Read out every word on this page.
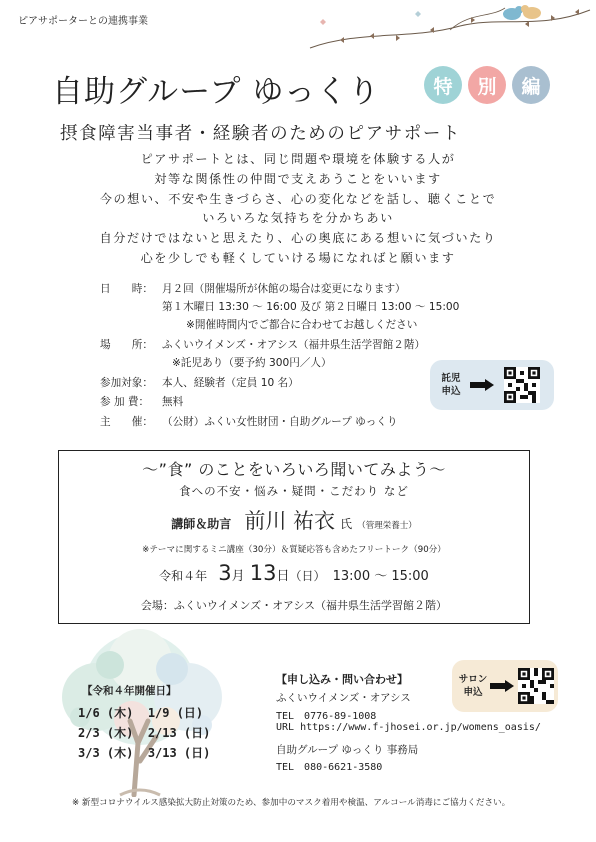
ピアサポーターとの連携事業
自助グループ ゆっくり	特 別 編
摂食障害当事者・経験者のためのピアサポート
ピアサポートとは、同じ問題や環境を体験する人が
対等な関係性の仲間で支えあうことをいいます
今の想い、不安や生きづらさ、心の変化などを話し、聴くことで
いろいろな気持ちを分かちあい
自分だけではないと思えたり、心の奥底にある想いに気づいたり
心を少しでも軽くしていける場になればと願います
日　　時： 月２回（開催場所が休館の場合は変更になります）
第１木曜日 13:30 ～ 16:00 及び 第２日曜日 13:00 ～ 15:00
※開催時間内でご都合に合わせてお越しください
場　　所： ふくいウイメンズ・オアシス（福井県生活学習館２階）
※託児あり（要予約 300円／人）
参加対象： 本人、経験者（定員 10 名）
参 加 費： 無料
主　　催： （公財）ふくい女性財団・自助グループ ゆっくり
託児
申込
～”食” のことをいろいろ聞いてみよう～
食への不安・悩み・疑問・こだわり など
講師＆助言 前川 祐衣 氏 （管理栄養士）
※テーマに関するミニ講座（30分）＆質疑応答も含めたフリートーク（90分）
令和４年 3月 13日（日） 13:00 ～ 15:00
会場：ふくいウイメンズ・オアシス（福井県生活学習館２階）
【令和４年開催日】
1/6 (木) 1/9 (日)
2/3 (木) 2/13 (日)
3/3 (木) 3/13 (日)
【申し込み・問い合わせ】
ふくいウイメンズ・オアシス
TEL　0776-89-1008
URL https://www.f-jhosei.or.jp/womens_oasis/
自助グループ ゆっくり 事務局
TEL　080-6621-3580
サロン
申込
※ 新型コロナウイルス感染拡大防止対策のため、参加中のマスク着用や検温、アルコール消毒にご協力ください。
